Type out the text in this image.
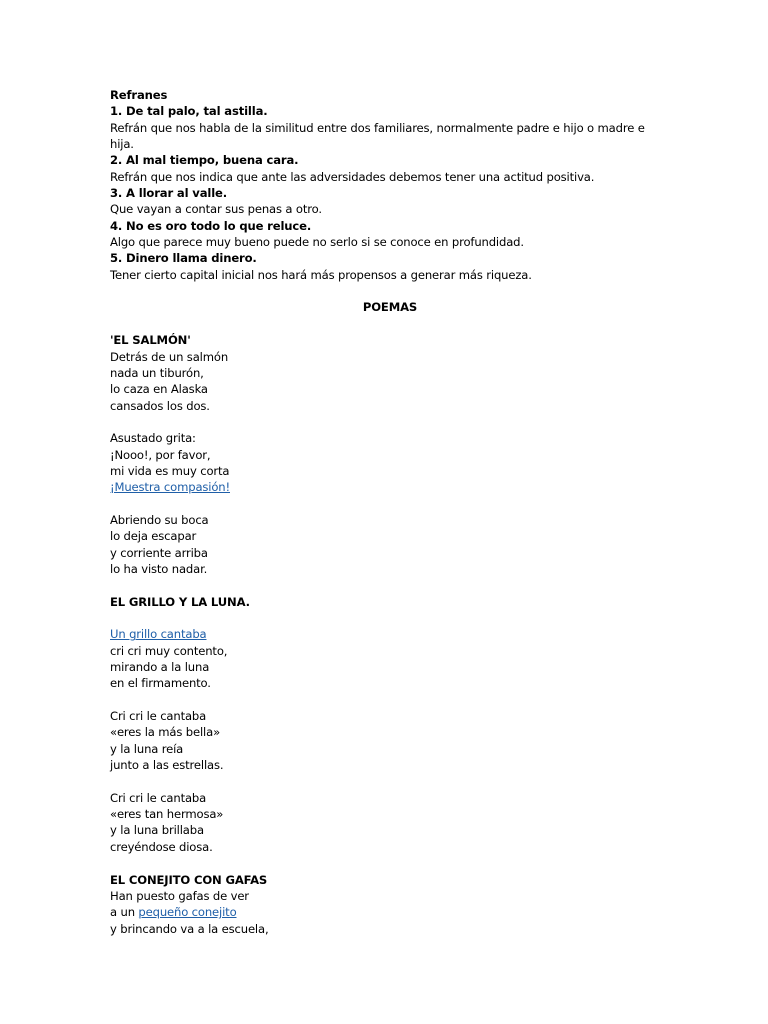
Refranes
1. De tal palo, tal astilla.
Refrán que nos habla de la similitud entre dos familiares, normalmente padre e hijo o madre e hija.
2. Al mal tiempo, buena cara.
Refrán que nos indica que ante las adversidades debemos tener una actitud positiva.
3. A llorar al valle.
Que vayan a contar sus penas a otro.
4. No es oro todo lo que reluce.
Algo que parece muy bueno puede no serlo si se conoce en profundidad.
5. Dinero llama dinero.
Tener cierto capital inicial nos hará más propensos a generar más riqueza.
POEMAS
'EL SALMÓN'
Detrás de un salmón
nada un tiburón,
lo caza en Alaska
cansados los dos.
Asustado grita:
¡Nooo!, por favor,
mi vida es muy corta
¡Muestra compasión!
Abriendo su boca
lo deja escapar
y corriente arriba
lo ha visto nadar.
EL GRILLO Y LA LUNA.
Un grillo cantaba
cri cri muy contento,
mirando a la luna
en el firmamento.
Cri cri le cantaba
«eres la más bella»
y la luna reía
junto a las estrellas.
Cri cri le cantaba
«eres tan hermosa»
y la luna brillaba
creyéndose diosa.
EL CONEJITO CON GAFAS
Han puesto gafas de ver
a un pequeño conejito
y brincando va a la escuela,
